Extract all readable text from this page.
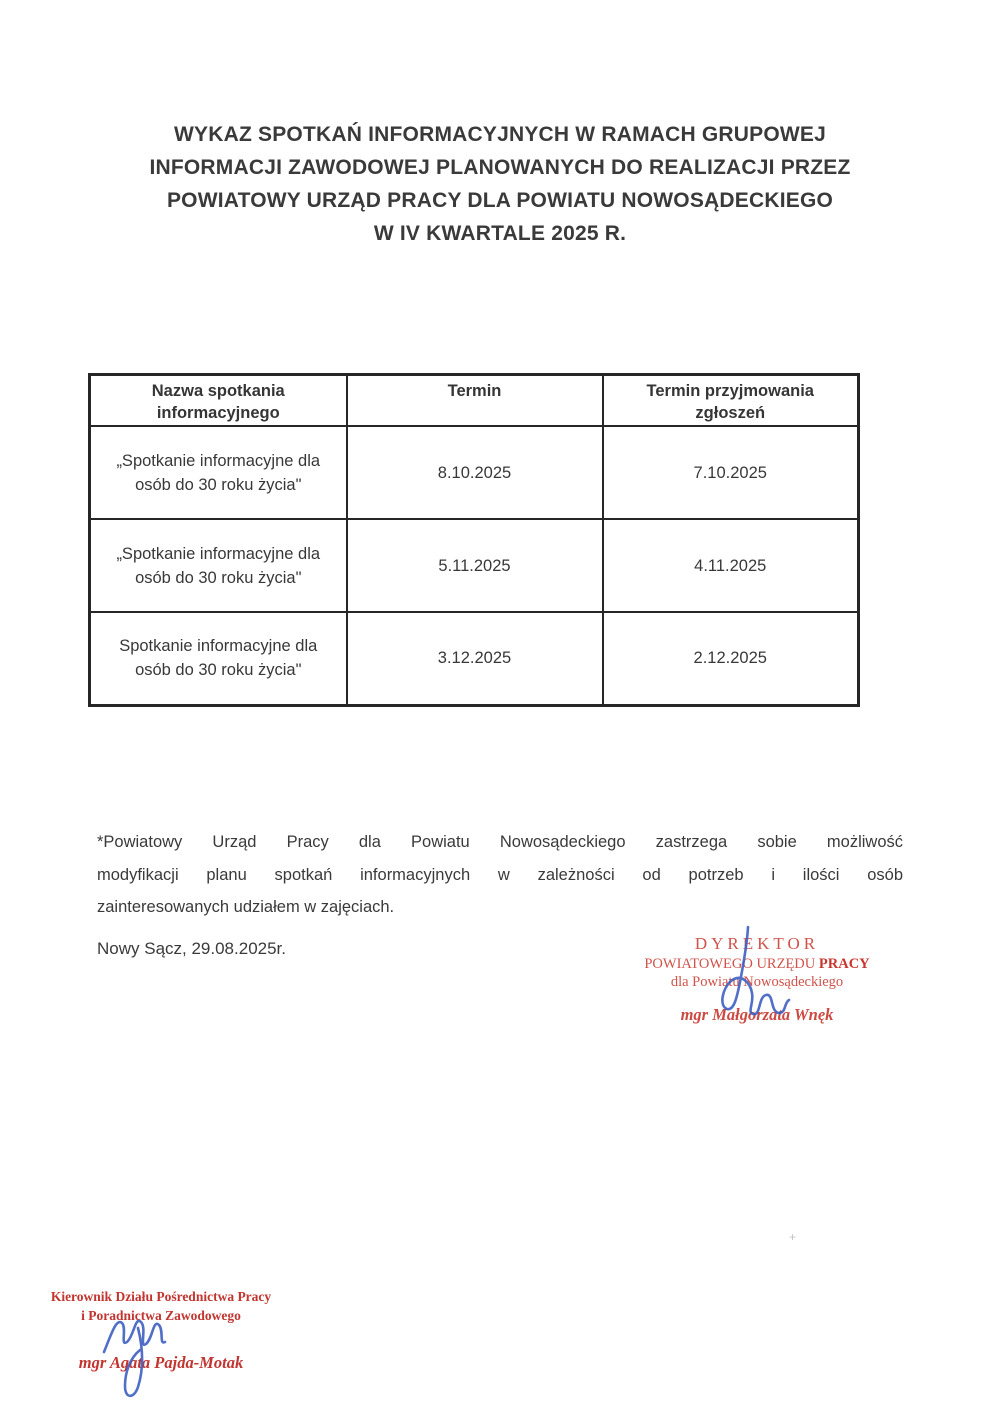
WYKAZ SPOTKAŃ INFORMACYJNYCH W RAMACH GRUPOWEJ
INFORMACJI ZAWODOWEJ PLANOWANYCH DO REALIZACJI PRZEZ
POWIATOWY URZĄD PRACY DLA POWIATU NOWOSĄDECKIEGO
W IV KWARTALE 2025 R.
Nazwa spotkania informacyjnego	Termin	Termin przyjmowania zgłoszeń

„Spotkanie informacyjne dla osób do 30 roku życia"	8.10.2025	7.10.2025

„Spotkanie informacyjne dla osób do 30 roku życia"	5.11.2025	4.11.2025

Spotkanie informacyjne dla osób do 30 roku życia"	3.12.2025	2.12.2025
*Powiatowy Urząd Pracy dla Powiatu Nowosądeckiego zastrzega sobie możliwość
modyfikacji planu spotkań informacyjnych w zależności od potrzeb i ilości osób
zainteresowanych udziałem w zajęciach.
Nowy Sącz, 29.08.2025r.	DYREKTOR
POWIATOWEGO URZĘDU PRACY
dla Powiatu Nowosądeckiego
mgr Małgorzata Wnęk
Kierownik Działu Pośrednictwa Pracy
i Poradnictwa Zawodowego
mgr Agata Pajda-Motak
+
